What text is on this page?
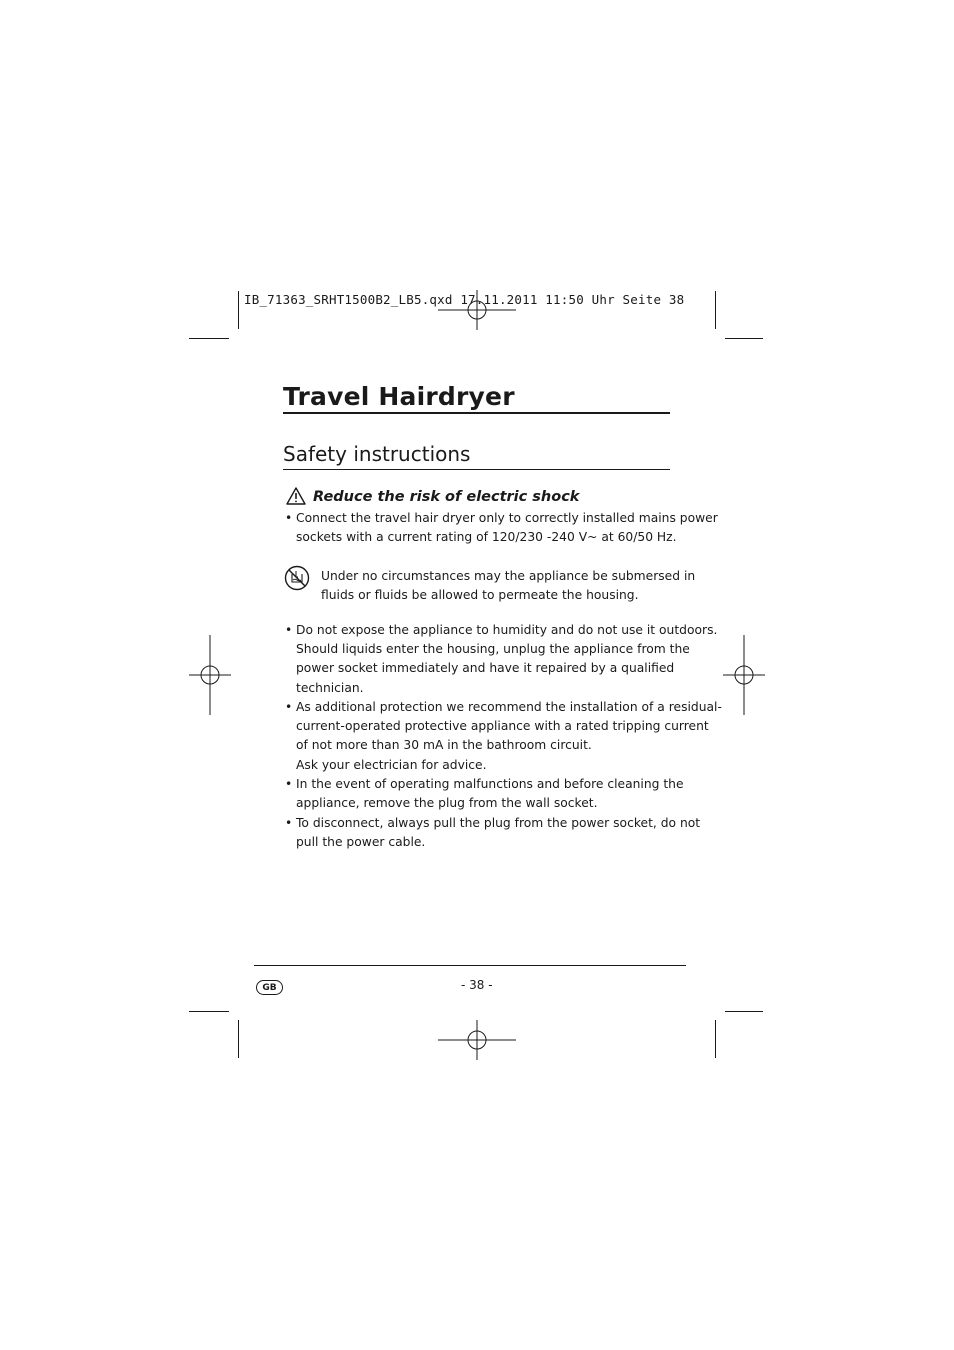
IB_71363_SRHT1500B2_LB5.qxd 17.11.2011 11:50 Uhr Seite 38
Travel Hairdryer
Safety instructions
Reduce the risk of electric shock
• Connect the travel hair dryer only to correctly installed mains power
sockets with a current rating of 120/230 -240 V~ at 60/50 Hz.
Under no circumstances may the appliance be submersed in
fluids or fluids be allowed to permeate the housing.
• Do not expose the appliance to humidity and do not use it outdoors.
Should liquids enter the housing, unplug the appliance from the
power socket immediately and have it repaired by a qualified
technician.
• As additional protection we recommend the installation of a residual-
current-operated protective appliance with a rated tripping current
of not more than 30 mA in the bathroom circuit.
Ask your electrician for advice.
• In the event of operating malfunctions and before cleaning the
appliance, remove the plug from the wall socket.
• To disconnect, always pull the plug from the power socket, do not
pull the power cable.
GB	- 38 -
